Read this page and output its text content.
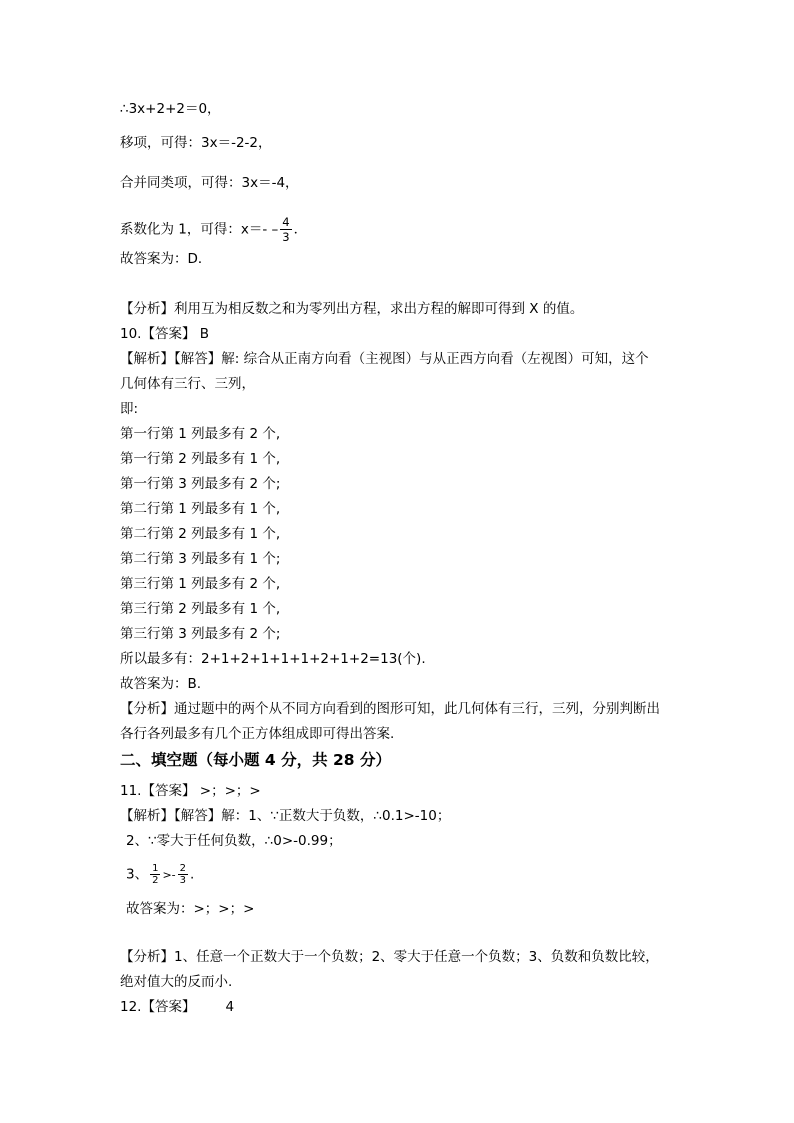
∴3x+2+2＝0，
移项，可得：3x＝-2-2，
合并同类项，可得：3x＝-4，
系数化为 1，可得：$x=- - \frac{4}{3}$ ．
故答案为：D．
【分析】利用互为相反数之和为零列出方程，求出方程的解即可得到 X 的值。
10.【答案】 B
【解析】【解答】解: 综合从正南方向看（主视图）与从正西方向看（左视图）可知，这个
几何体有三行、三列，
即:
第一行第 1 列最多有 2 个,
第一行第 2 列最多有 1 个,
第一行第 3 列最多有 2 个;
第二行第 1 列最多有 1 个,
第二行第 2 列最多有 1 个,
第二行第 3 列最多有 1 个;
第三行第 1 列最多有 2 个,
第三行第 2 列最多有 1 个,
第三行第 3 列最多有 2 个;
所以最多有：2+1+2+1+1+1+2+1+2=13(个).
故答案为：B.
【分析】通过题中的两个从不同方向看到的图形可知，此几何体有三行，三列，分别判断出
各行各列最多有几个正方体组成即可得出答案.
二、填空题（每小题 4 分，共 28 分）
11.【答案】 >；>；>
【解析】【解答】解：1、∵正数大于负数，∴0.1>-10；
2、∵零大于任何负数，∴0>-0.99；
3、 $\frac{1}{2} >- \frac{2}{3}$ .
故答案为：>；>；>
【分析】1、任意一个正数大于一个负数；2、零大于任意一个负数；3、负数和负数比较，
绝对值大的反而小.
12.【答案】       4
